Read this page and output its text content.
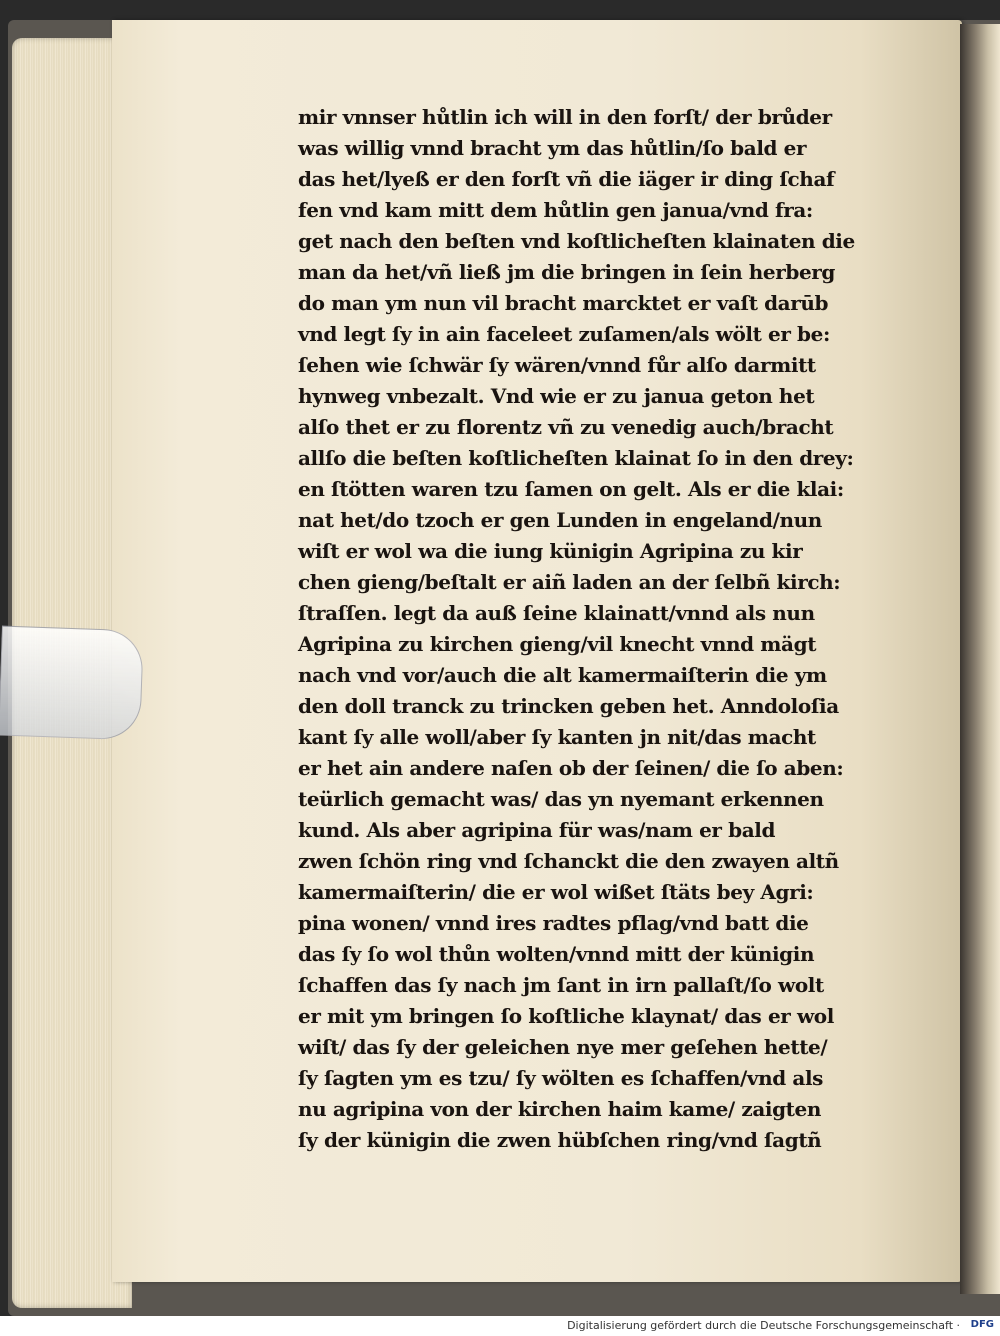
mir vnnser hůtlin ich will in den forſt/ der brůder
was willig vnnd bracht ym das hůtlin/ſo bald er
das het/lyeß er den forſt vñ die iäger ir ding ſchaf
fen vnd kam mitt dem hůtlin gen janua/vnd fra:
get nach den beſten vnd koſtlicheſten klainaten die
man da het/vñ ließ jm die bringen in ſein herberg
do man ym nun vil bracht marcktet er vaſt darūb
vnd legt ſy in ain faceleet zuſamen/als wölt er be:
ſehen wie ſchwär ſy wären/vnnd fůr alſo darmitt
hynweg vnbezalt. Vnd wie er zu janua geton het
alſo thet er zu florentz vñ zu venedig auch/bracht
allſo die beſten koſtlicheſten klainat ſo in den drey:
en ſtötten waren tzu ſamen on gelt. Als er die klai:
nat het/do tzoch er gen Lunden in engeland/nun
wiſt er wol wa die iung künigin Agripina zu kir
chen gieng/beſtalt er aiñ laden an der ſelbñ kirch:
ſtraſſen. legt da auß ſeine klainatt/vnnd als nun
Agripina zu kirchen gieng/vil knecht vnnd mägt
nach vnd vor/auch die alt kamermaiſterin die ym
den doll tranck zu trincken geben het. Anndoloſia
kant ſy alle woll/aber ſy kanten jn nit/das macht
er het ain andere naſen ob der ſeinen/ die ſo aben:
teürlich gemacht was/ das yn nyemant erkennen
kund. Als aber agripina für was/nam er bald
zwen ſchön ring vnd ſchanckt die den zwayen altñ
kamermaiſterin/ die er wol wißet ſtäts bey Agri:
pina wonen/ vnnd ires radtes pflag/vnd batt die
das ſy ſo wol thůn wolten/vnnd mitt der künigin
ſchaffen das ſy nach jm ſant in irn pallaſt/ſo wolt
er mit ym bringen ſo koſtliche klaynat/ das er wol
wiſt/ das ſy der geleichen nye mer geſehen hette/
ſy ſagten ym es tzu/ ſy wölten es ſchaffen/vnd als
nu agripina von der kirchen haim kame/ zaigten
ſy der künigin die zwen hübſchen ring/vnd ſagtñ
Digitalisierung gefördert durch die Deutsche Forschungsgemeinschaft · DFG
